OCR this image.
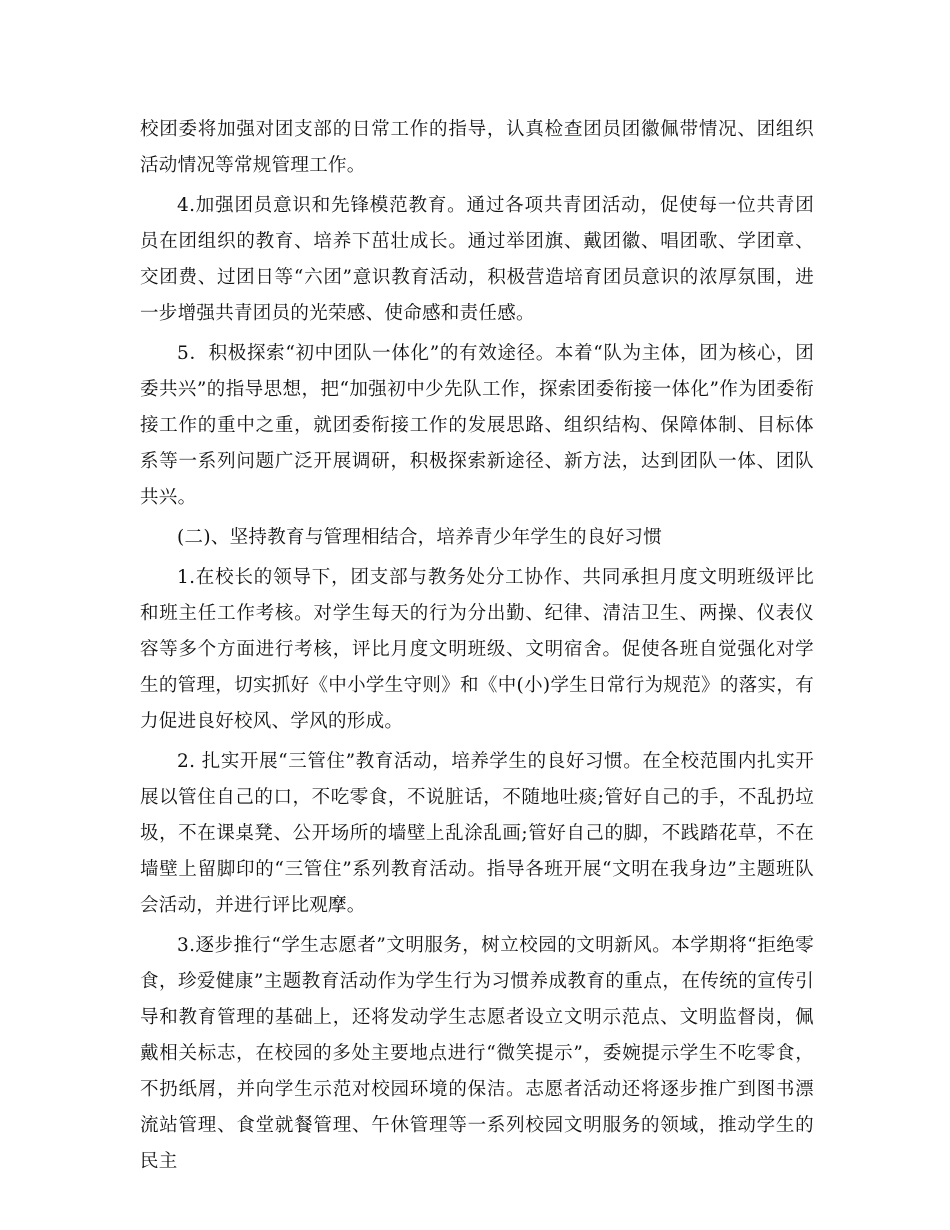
校团委将加强对团支部的日常工作的指导，认真检查团员团徽佩带情况、团组织活动情况等常规管理工作。

4.加强团员意识和先锋模范教育。通过各项共青团活动，促使每一位共青团员在团组织的教育、培养下茁壮成长。通过举团旗、戴团徽、唱团歌、学团章、交团费、过团日等“六团”意识教育活动，积极营造培育团员意识的浓厚氛围，进一步增强共青团员的光荣感、使命感和责任感。

5．积极探索“初中团队一体化”的有效途径。本着“队为主体，团为核心，团委共兴”的指导思想，把“加强初中少先队工作，探索团委衔接一体化”作为团委衔接工作的重中之重，就团委衔接工作的发展思路、组织结构、保障体制、目标体系等一系列问题广泛开展调研，积极探索新途径、新方法，达到团队一体、团队共兴。

(二)、坚持教育与管理相结合，培养青少年学生的良好习惯

1.在校长的领导下，团支部与教务处分工协作、共同承担月度文明班级评比和班主任工作考核。对学生每天的行为分出勤、纪律、清洁卫生、两操、仪表仪容等多个方面进行考核，评比月度文明班级、文明宿舍。促使各班自觉强化对学生的管理，切实抓好《中小学生守则》和《中(小)学生日常行为规范》的落实，有力促进良好校风、学风的形成。

2. 扎实开展“三管住”教育活动，培养学生的良好习惯。在全校范围内扎实开展以管住自己的口，不吃零食，不说脏话，不随地吐痰;管好自己的手，不乱扔垃圾，不在课桌凳、公开场所的墙壁上乱涂乱画;管好自己的脚，不践踏花草，不在墙壁上留脚印的“三管住”系列教育活动。指导各班开展“文明在我身边”主题班队会活动，并进行评比观摩。

3.逐步推行“学生志愿者”文明服务，树立校园的文明新风。本学期将“拒绝零食，珍爱健康”主题教育活动作为学生行为习惯养成教育的重点，在传统的宣传引导和教育管理的基础上，还将发动学生志愿者设立文明示范点、文明监督岗，佩戴相关标志，在校园的多处主要地点进行“微笑提示”，委婉提示学生不吃零食，不扔纸屑，并向学生示范对校园环境的保洁。志愿者活动还将逐步推广到图书漂流站管理、食堂就餐管理、午休管理等一系列校园文明服务的领域，推动学生的民主
